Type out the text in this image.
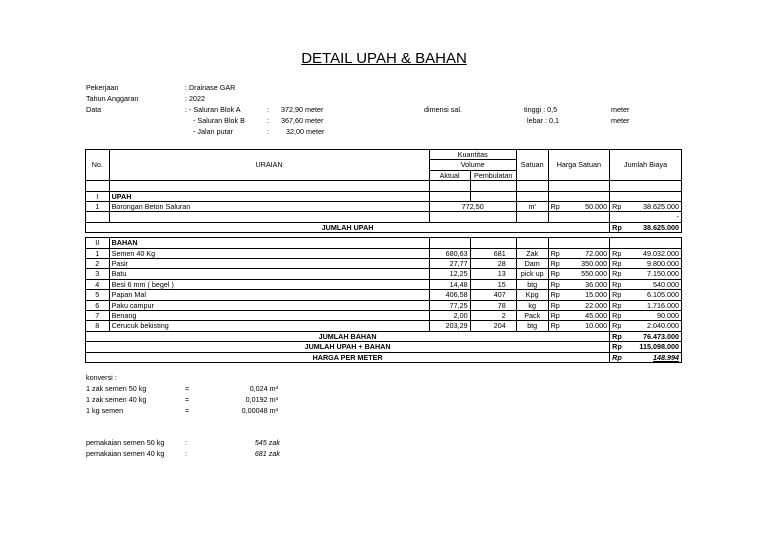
DETAIL UPAH & BAHAN
Pekerjaan	: Drainase GAR
Tahun Anggaran	: 2022
Data	: - Saluran Blok A	: 372,90 meter
- Saluran Blok B	: 367,60 meter
- Jalan putar	: 32,00 meter
dimensi sal.	tinggi : 0,5	meter
lebar : 0,1	meter
No.	URAIAN	Kuantitas		Satuan	Harga Satuan		Jumlah Biaya	
		Volume						
		Aktual	Pembulatan					

I	UPAH							
1	Borongan Beton Saluran	772,50		m'	Rp	50.000	Rp	38.625.000
								-
JUMLAH UPAH							Rp	38.625.000

II	BAHAN							
1	Semen 40 Kg	680,63	681	Zak	Rp	72.000	Rp	49.032.000
2	Pasir	27,77	28	Dam	Rp	350.000	Rp	9.800.000
3	Batu	12,25	13	pick up	Rp	550.000	Rp	7.150.000
4	Besi 6 mm ( begel )	14,48	15	btg	Rp	36.000	Rp	540.000
5	Papan Mal	406,58	407	Kpg	Rp	15.000	Rp	6.105.000
6	Paku campur	77,25	78	kg	Rp	22.000	Rp	1.716.000
7	Benang	2,00	2	Pack	Rp	45.000	Rp	90.000
8	Cerucuk bekisting	203,29	204	btg	Rp	10.000	Rp	2.040.000
JUMLAH BAHAN							Rp	76.473.000
JUMLAH UPAH + BAHAN							Rp	115.098.000
HARGA PER METER							Rp	148.994
konversi :
1 zak semen 50 kg	=	0,024 m³
1 zak semen 40 kg	=	0,0192 m³
1 kg semen	=	0,00048 m³
pemakaian semen 50 kg	:	545 zak
pemakaian semen 40 kg	:	681 zak
